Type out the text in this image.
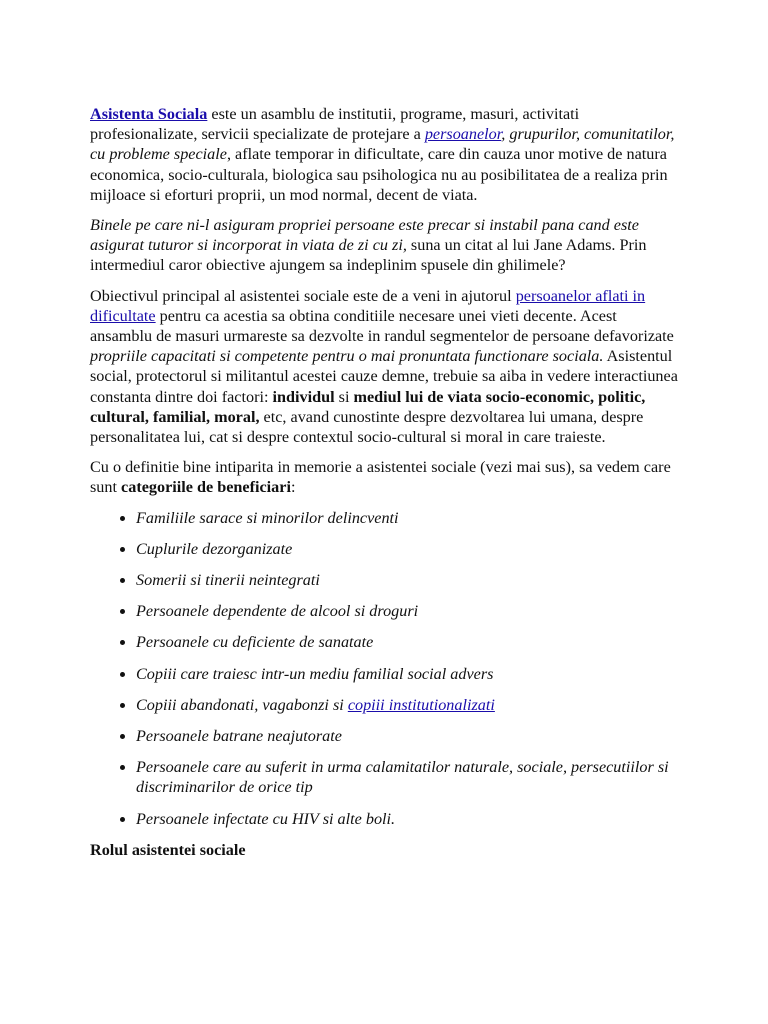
Asistenta Sociala este un asamblu de institutii, programe, masuri, activitati profesionalizate, servicii specializate de protejare a persoanelor, grupurilor, comunitatilor, cu probleme speciale, aflate temporar in dificultate, care din cauza unor motive de natura economica, socio-culturala, biologica sau psihologica nu au posibilitatea de a realiza prin mijloace si eforturi proprii, un mod normal, decent de viata.

Binele pe care ni-l asiguram propriei persoane este precar si instabil pana cand este asigurat tuturor si incorporat in viata de zi cu zi, suna un citat al lui Jane Adams. Prin intermediul caror obiective ajungem sa indeplinim spusele din ghilimele?

Obiectivul principal al asistentei sociale este de a veni in ajutorul persoanelor aflati in dificultate pentru ca acestia sa obtina conditiile necesare unei vieti decente. Acest ansamblu de masuri urmareste sa dezvolte in randul segmentelor de persoane defavorizate propriile capacitati si competente pentru o mai pronuntata functionare sociala. Asistentul social, protectorul si militantul acestei cauze demne, trebuie sa aiba in vedere interactiunea constanta dintre doi factori: individul si mediul lui de viata socio-economic, politic, cultural, familial, moral, etc, avand cunostinte despre dezvoltarea lui umana, despre personalitatea lui, cat si despre contextul socio-cultural si moral in care traieste.

Cu o definitie bine intiparita in memorie a asistentei sociale (vezi mai sus), sa vedem care sunt categoriile de beneficiari:

• Familiile sarace si minorilor delincventi
• Cuplurile dezorganizate
• Somerii si tinerii neintegrati
• Persoanele dependente de alcool si droguri
• Persoanele cu deficiente de sanatate
• Copiii care traiesc intr-un mediu familial social advers
• Copiii abandonati, vagabonzi si copiii institutionalizati
• Persoanele batrane neajutorate
• Persoanele care au suferit in urma calamitatilor naturale, sociale, persecutiilor si discriminarilor de orice tip
• Persoanele infectate cu HIV si alte boli.

Rolul asistentei sociale
